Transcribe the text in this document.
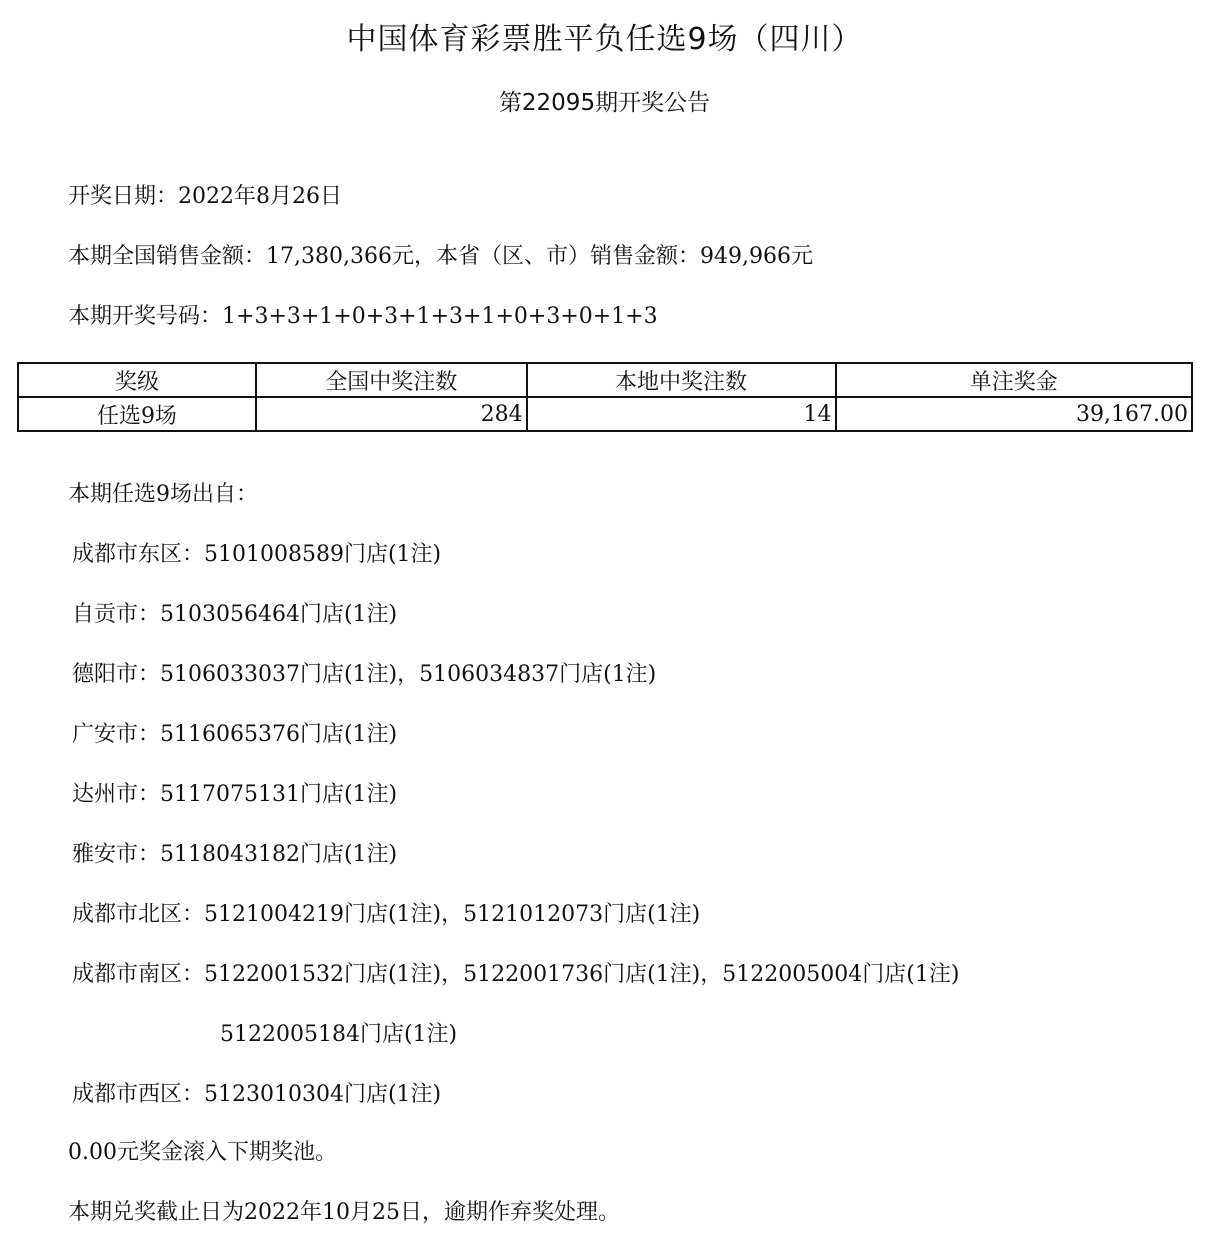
中国体育彩票胜平负任选9场（四川）
第22095期开奖公告
开奖日期：2022年8月26日
本期全国销售金额：17,380,366元，本省（区、市）销售金额：949,966元
本期开奖号码：1+3+3+1+0+3+1+3+1+0+3+0+1+3
奖级	全国中奖注数	本地中奖注数	单注奖金
任选9场	284	14	39,167.00
本期任选9场出自：
成都市东区：5101008589门店(1注)
自贡市：5103056464门店(1注)
德阳市：5106033037门店(1注)，5106034837门店(1注)
广安市：5116065376门店(1注)
达州市：5117075131门店(1注)
雅安市：5118043182门店(1注)
成都市北区：5121004219门店(1注)，5121012073门店(1注)
成都市南区：5122001532门店(1注)，5122001736门店(1注)，5122005004门店(1注)
5122005184门店(1注)
成都市西区：5123010304门店(1注)
0.00元奖金滚入下期奖池。
本期兑奖截止日为2022年10月25日，逾期作弃奖处理。
